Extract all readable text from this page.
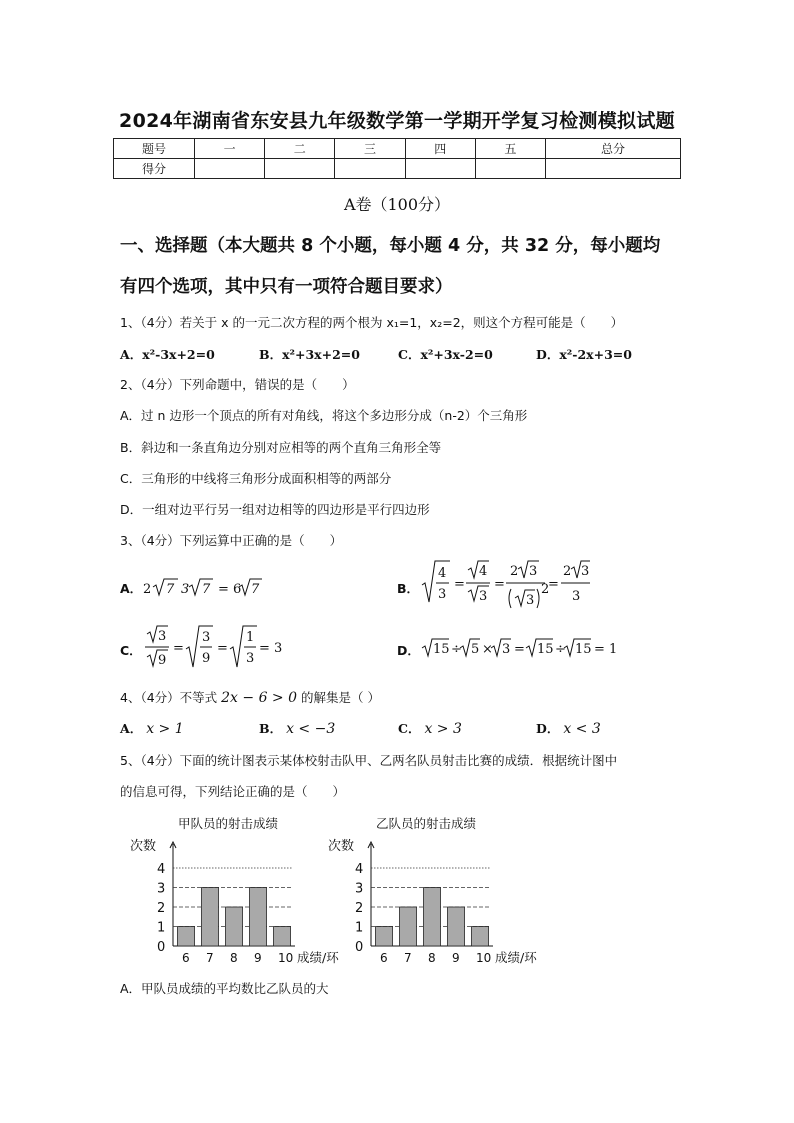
2024年湖南省东安县九年级数学第一学期开学复习检测模拟试题
题号	一	二	三	四	五	总分
得分						
A卷（100分）
一、选择题（本大题共 8 个小题，每小题 4 分，共 32 分，每小题均
有四个选项，其中只有一项符合题目要求）
1、（4分）若关于 x 的一元二次方程的两个根为 x₁=1，x₂=2，则这个方程可能是（　　）
A．x²-3x+2=0	B．x²+3x+2=0	C．x²+3x-2=0	D．x²-2x+3=0
2、（4分）下列命题中，错误的是（　　）
A．过 n 边形一个顶点的所有对角线，将这个多边形分成（n-2）个三角形
B．斜边和一条直角边分别对应相等的两个直角三角形全等
C．三角形的中线将三角形分成面积相等的两部分
D．一组对边平行另一组对边相等的四边形是平行四边形
3、（4分）下列运算中正确的是（　　）
A． 2 7 3 7 = 6 7	B．
4
3
=
4
3
=
2 3
3
2
=
2 3
3
C．
3
9
=
3
9
=
1
3
= 3	D． 15 ÷ 5 × 3 = 15 ÷ 15 = 1
4、（4分）不等式 2x − 6 > 0 的解集是（ ）
A． x > 1	B． x < −3	C． x > 3	D． x < 3
5、（4分）下面的统计图表示某体校射击队甲、乙两名队员射击比赛的成绩．根据统计图中
的信息可得，下列结论正确的是（　　）
甲队员的射击成绩
次数
0
1
2
3
4
6 7 8 9 10 成绩/环
乙队员的射击成绩
次数
0
1
2
3
4
6 7 8 9 10 成绩/环
A．甲队员成绩的平均数比乙队员的大
